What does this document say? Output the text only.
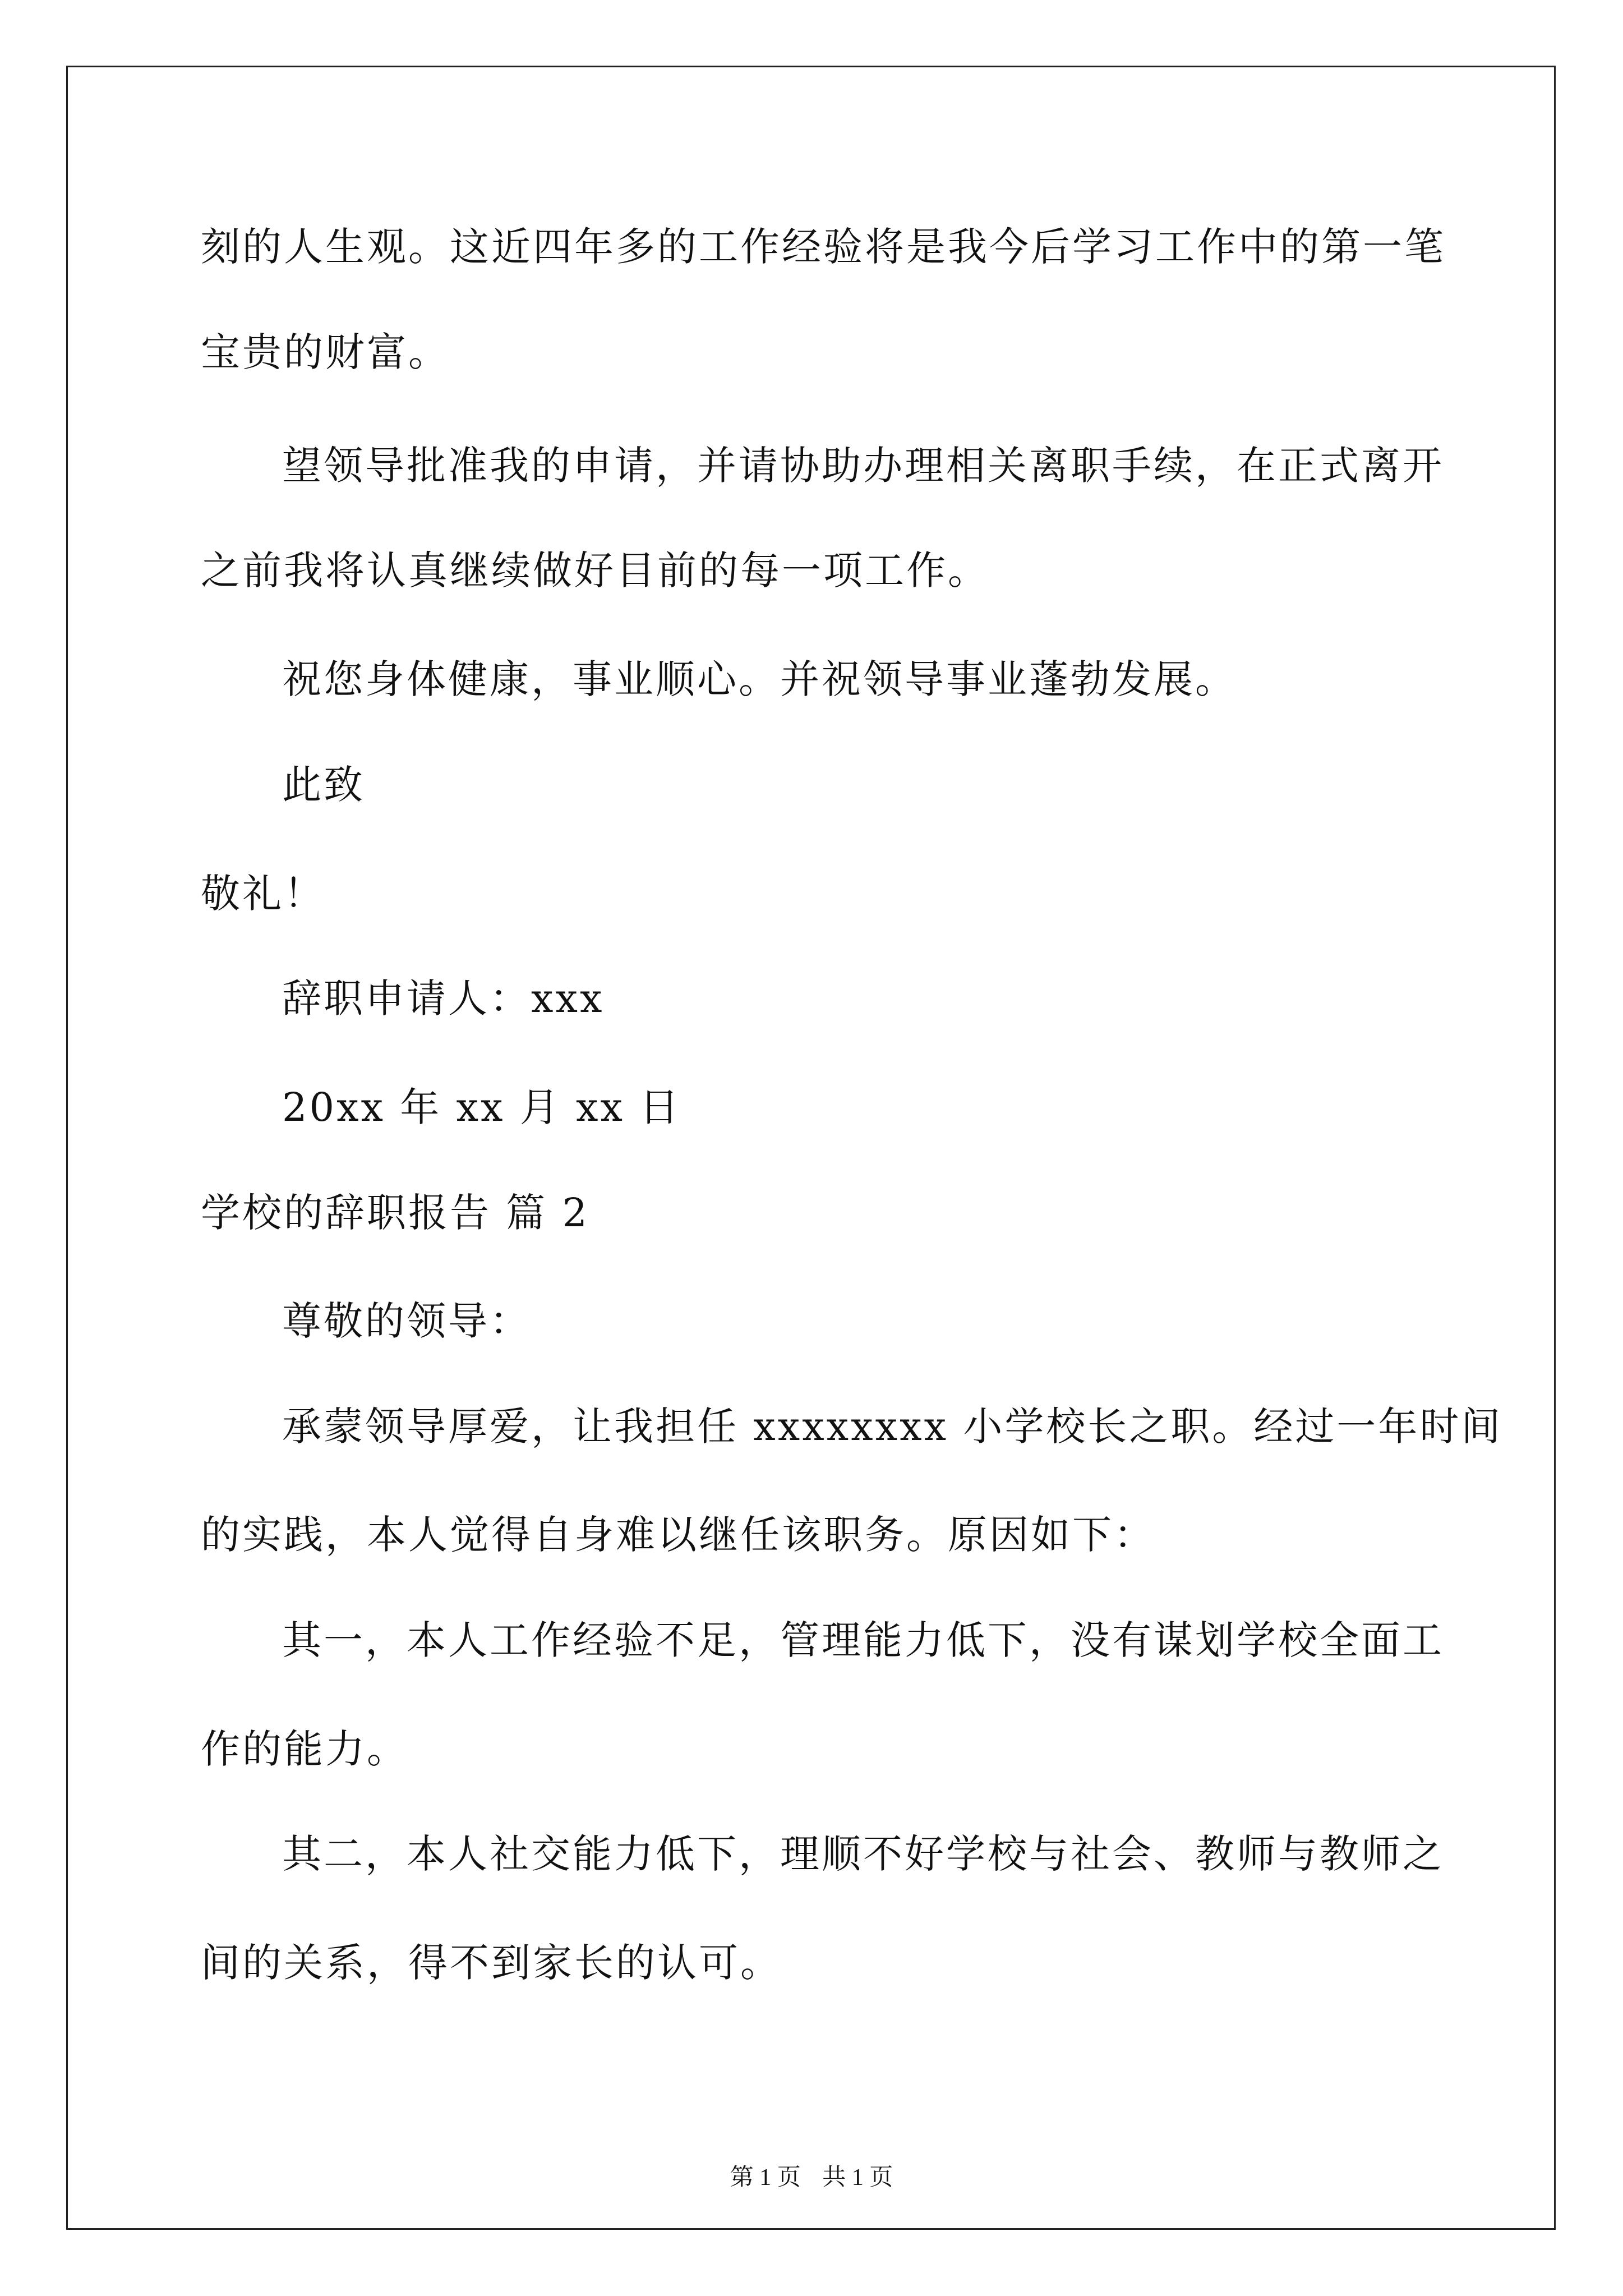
刻的人生观。这近四年多的工作经验将是我今后学习工作中的第一笔
宝贵的财富。
望领导批准我的申请，并请协助办理相关离职手续，在正式离开
之前我将认真继续做好目前的每一项工作。
祝您身体健康，事业顺心。并祝领导事业蓬勃发展。
此致
敬礼！
辞职申请人：xxx
20xx 年 xx 月 xx 日
学校的辞职报告 篇 2
尊敬的领导：
承蒙领导厚爱，让我担任 xxxxxxxx 小学校长之职。经过一年时间
的实践，本人觉得自身难以继任该职务。原因如下：
其一，本人工作经验不足，管理能力低下，没有谋划学校全面工
作的能力。
其二，本人社交能力低下，理顺不好学校与社会、教师与教师之
间的关系，得不到家长的认可。
第 1 页 共 1 页
